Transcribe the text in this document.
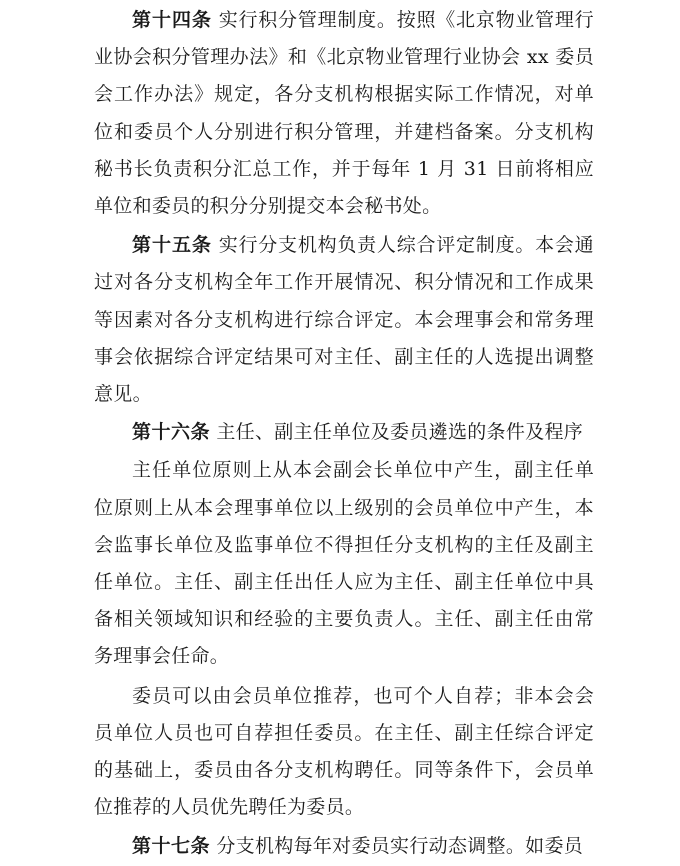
第十四条 实行积分管理制度。按照《北京物业管理行业协会积分管理办法》和《北京物业管理行业协会 xx 委员会工作办法》规定，各分支机构根据实际工作情况，对单位和委员个人分别进行积分管理，并建档备案。分支机构秘书长负责积分汇总工作，并于每年 1 月 31 日前将相应单位和委员的积分分别提交本会秘书处。

第十五条 实行分支机构负责人综合评定制度。本会通过对各分支机构全年工作开展情况、积分情况和工作成果等因素对各分支机构进行综合评定。本会理事会和常务理事会依据综合评定结果可对主任、副主任的人选提出调整意见。

第十六条 主任、副主任单位及委员遴选的条件及程序

主任单位原则上从本会副会长单位中产生，副主任单位原则上从本会理事单位以上级别的会员单位中产生，本会监事长单位及监事单位不得担任分支机构的主任及副主任单位。主任、副主任出任人应为主任、副主任单位中具备相关领域知识和经验的主要负责人。主任、副主任由常务理事会任命。

委员可以由会员单位推荐，也可个人自荐；非本会会员单位人员也可自荐担任委员。在主任、副主任综合评定的基础上，委员由各分支机构聘任。同等条件下，会员单位推荐的人员优先聘任为委员。

第十七条 分支机构每年对委员实行动态调整。如委员
